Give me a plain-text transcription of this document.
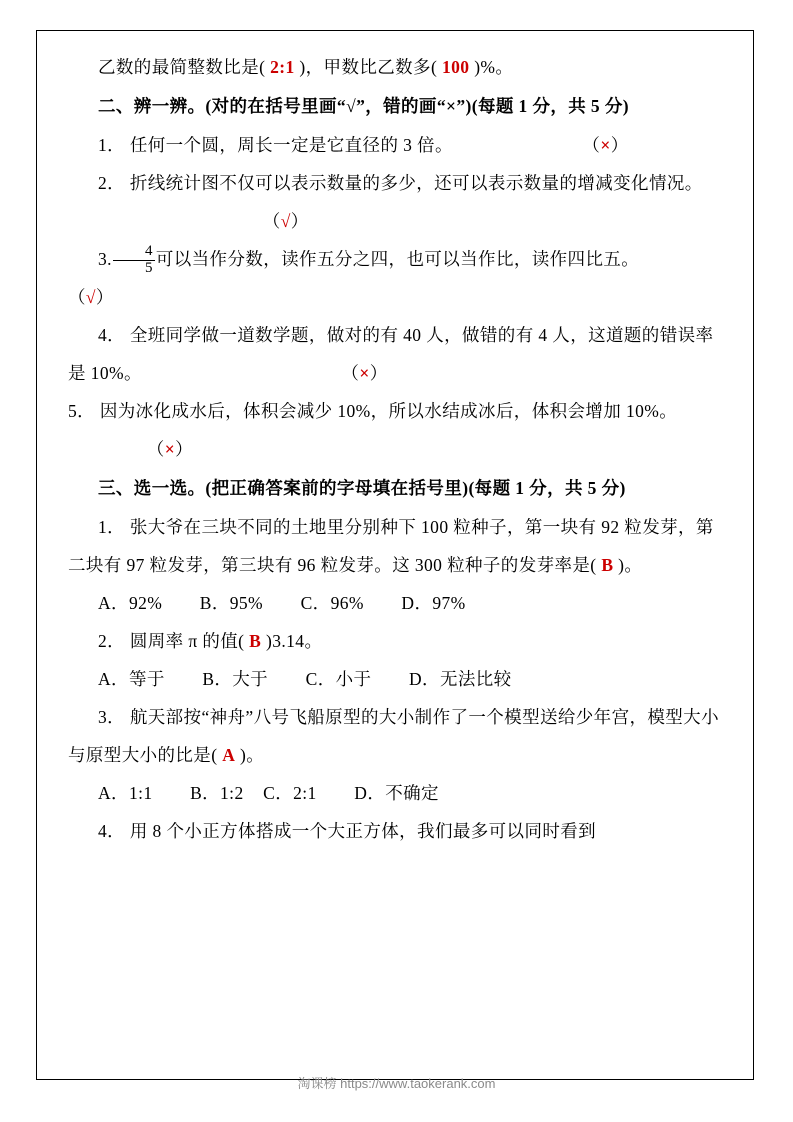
乙数的最简整数比是( 2:1 )，甲数比乙数多( 100 )%。
二、辨一辨。(对的在括号里画“√”，错的画“×”)(每题 1 分，共 5 分)
1． 任何一个圆，周长一定是它直径的 3 倍。	（×）
2． 折线统计图不仅可以表示数量的多少，还可以表示数量的增减变化情况。  （√）
3. $\frac{4}{5}$ 可以当作分数，读作五分之四，也可以当作比，读作四比五。
（√）
4． 全班同学做一道数学题，做对的有 40 人，做错的有 4 人，这道题的错误率是 10%。	（×）
5． 因为冰化成水后，体积会减少 10%，所以水结成冰后，体积会增加 10%。  （×）
三、选一选。(把正确答案前的字母填在括号里)(每题 1 分，共 5 分)
1． 张大爷在三块不同的土地里分别种下 100 粒种子，第一块有 92 粒发芽，第二块有 97 粒发芽，第三块有 96 粒发芽。这 300 粒种子的发芽率是( B )。
A．92% B．95% C．96% D．97%
2． 圆周率 π 的值( B )3.14。
A．等于 B．大于 C．小于 D．无法比较
3． 航天部按“神舟”八号飞船原型的大小制作了一个模型送给少年宫，模型大小与原型大小的比是( A )。
A．1:1 B．1:2 C．2:1 D．不确定
4． 用 8 个小正方体搭成一个大正方体，我们最多可以同时看到
淘课榜 https://www.taokerank.com
